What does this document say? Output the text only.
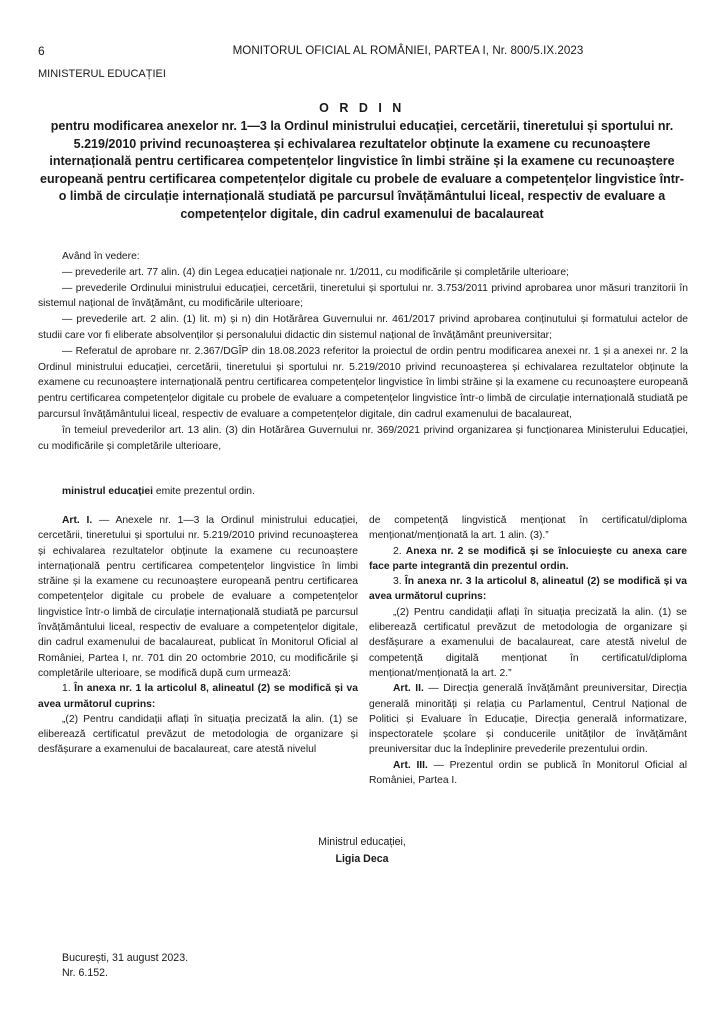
6	MONITORUL OFICIAL AL ROMÂNIEI, PARTEA I, Nr. 800/5.IX.2023
MINISTERUL EDUCAȚIEI
O R D I N
pentru modificarea anexelor nr. 1—3 la Ordinul ministrului educației, cercetării, tineretului și sportului nr. 5.219/2010 privind recunoașterea și echivalarea rezultatelor obținute la examene cu recunoaștere internațională pentru certificarea competențelor lingvistice în limbi străine și la examene cu recunoaștere europeană pentru certificarea competențelor digitale cu probele de evaluare a competențelor lingvistice într-o limbă de circulație internațională studiată pe parcursul învățământului liceal, respectiv de evaluare a competențelor digitale, din cadrul examenului de bacalaureat

Având în vedere:

— prevederile art. 77 alin. (4) din Legea educației naționale nr. 1/2011, cu modificările și completările ulterioare;

— prevederile Ordinului ministrului educației, cercetării, tineretului și sportului nr. 3.753/2011 privind aprobarea unor măsuri tranzitorii în sistemul național de învățământ, cu modificările ulterioare;

— prevederile art. 2 alin. (1) lit. m) și n) din Hotărârea Guvernului nr. 461/2017 privind aprobarea conținutului și formatului actelor de studii care vor fi eliberate absolvenților și personalului didactic din sistemul național de învățământ preuniversitar;

— Referatul de aprobare nr. 2.367/DGÎP din 18.08.2023 referitor la proiectul de ordin pentru modificarea anexei nr. 1 și a anexei nr. 2 la Ordinul ministrului educației, cercetării, tineretului și sportului nr. 5.219/2010 privind recunoașterea și echivalarea rezultatelor obținute la examene cu recunoaștere internațională pentru certificarea competențelor lingvistice în limbi străine și la examene cu recunoaștere europeană pentru certificarea competențelor digitale cu probele de evaluare a competențelor lingvistice într-o limbă de circulație internațională studiată pe parcursul învățământului liceal, respectiv de evaluare a competențelor digitale, din cadrul examenului de bacalaureat,

în temeiul prevederilor art. 13 alin. (3) din Hotărârea Guvernului nr. 369/2021 privind organizarea și funcționarea Ministerului Educației, cu modificările și completările ulterioare,

ministrul educației emite prezentul ordin.

Art. I. — Anexele nr. 1—3 la Ordinul ministrului educației, cercetării, tineretului și sportului nr. 5.219/2010 privind recunoașterea și echivalarea rezultatelor obținute la examene cu recunoaștere internațională pentru certificarea competențelor lingvistice în limbi străine și la examene cu recunoaștere europeană pentru certificarea competențelor digitale cu probele de evaluare a competențelor lingvistice într-o limbă de circulație internațională studiată pe parcursul învățământului liceal, respectiv de evaluare a competențelor digitale, din cadrul examenului de bacalaureat, publicat în Monitorul Oficial al României, Partea I, nr. 701 din 20 octombrie 2010, cu modificările și completările ulterioare, se modifică după cum urmează:

1. În anexa nr. 1 la articolul 8, alineatul (2) se modifică și va avea următorul cuprins:

„(2) Pentru candidații aflați în situația precizată la alin. (1) se eliberează certificatul prevăzut de metodologia de organizare și desfășurare a examenului de bacalaureat, care atestă nivelul

de competență lingvistică menționat în certificatul/diploma menționat/menționată la art. 1 alin. (3).”

2. Anexa nr. 2 se modifică și se înlocuiește cu anexa care face parte integrantă din prezentul ordin.

3. În anexa nr. 3 la articolul 8, alineatul (2) se modifică și va avea următorul cuprins:

„(2) Pentru candidații aflați în situația precizată la alin. (1) se eliberează certificatul prevăzut de metodologia de organizare și desfășurare a examenului de bacalaureat, care atestă nivelul de competență digitală menționat în certificatul/diploma menționat/menționată la art. 2.”

Art. II. — Direcția generală învățământ preuniversitar, Direcția generală minorități și relația cu Parlamentul, Centrul Național de Politici și Evaluare în Educație, Direcția generală informatizare, inspectoratele școlare și conducerile unităților de învățământ preuniversitar duc la îndeplinire prevederile prezentului ordin.

Art. III. — Prezentul ordin se publică în Monitorul Oficial al României, Partea I.

Ministrul educației,
Ligia Deca
București, 31 august 2023.
Nr. 6.152.
